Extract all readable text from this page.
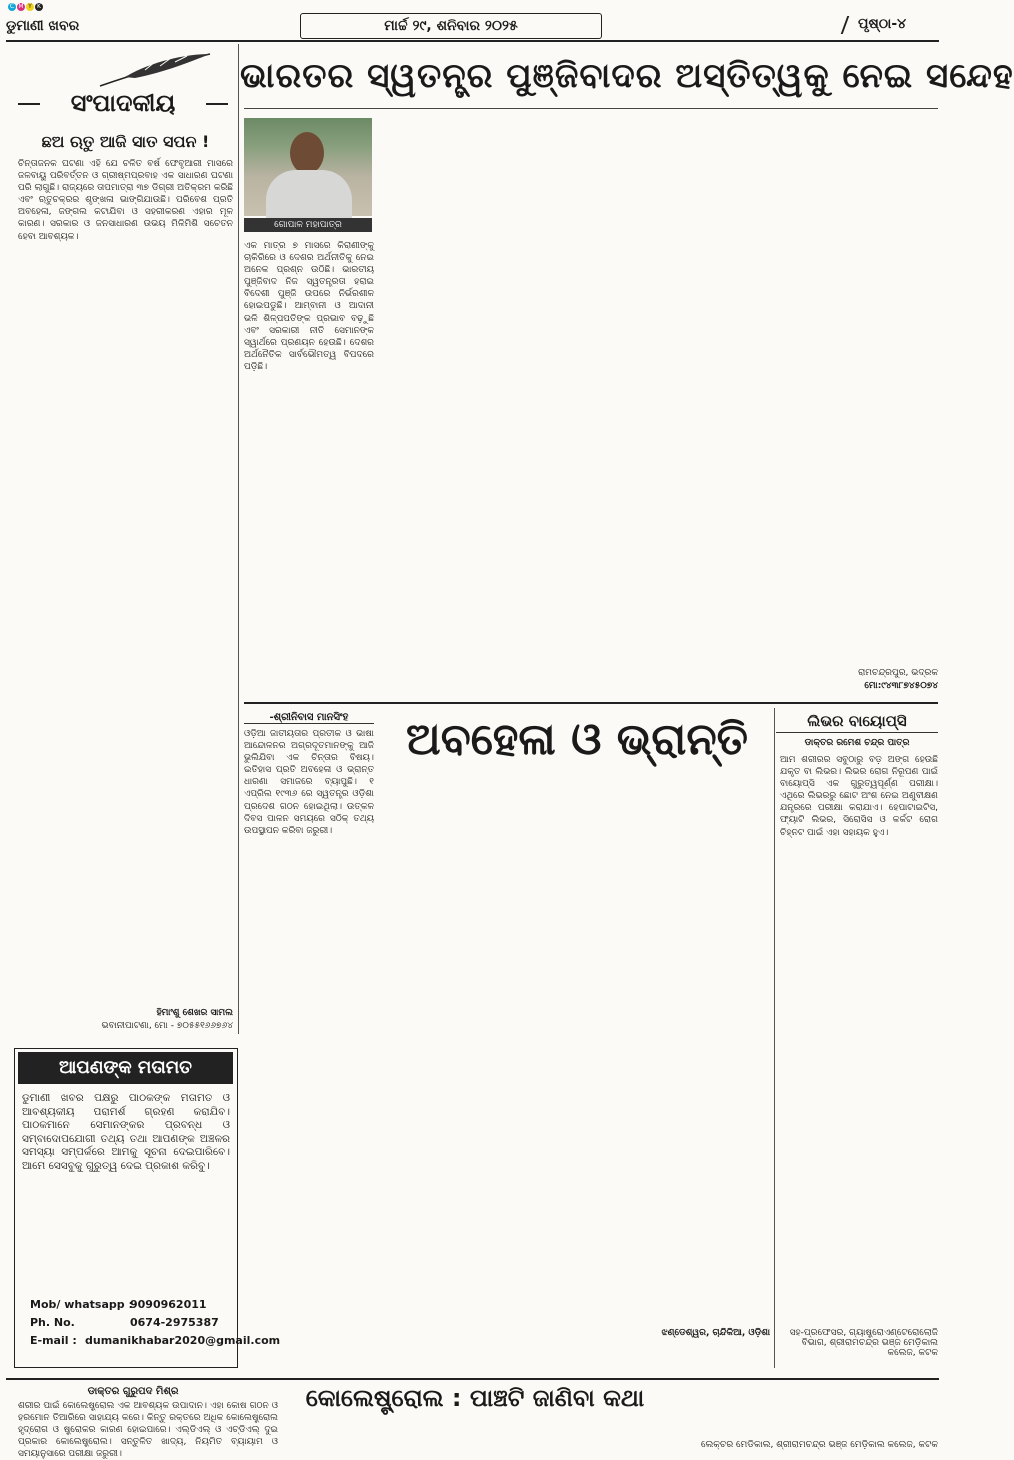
C M Y K
ଡୁମାଣୀ ଖବର	ମାର୍ଚ୍ଚ ୨୯, ଶନିବାର ୨୦୨୫	ପୃଷ୍ଠା-୪
ସଂପାଦକୀୟ
ଛଅ ଋତୁ ଆଜି ସାତ ସପନ !
ଚିନ୍ତାଜନକ ଘଟଣା ଏହି ଯେ ଚଳିତ ବର୍ଷ ଫେବୃଆରୀ ମାସରେ ଜଳବାୟୁ ପରିବର୍ତ୍ତନ ଓ ଗ୍ରୀଷ୍ମପ୍ରବାହ ଏକ ସାଧାରଣ ଘଟଣା ପରି ଲାଗୁଛି। ରାଜ୍ୟରେ ତାପମାତ୍ରା ୩୭ ଡିଗ୍ରୀ ଅତିକ୍ରମ କରିଛି ଏବଂ ଋତୁଚକ୍ରର ଶୃଙ୍ଖଳା ଭାଙ୍ଗିଯାଉଛି। ପରିବେଶ ପ୍ରତି ଅବହେଳା, ଜଙ୍ଗଲ କଟାଯିବା ଓ ସହରୀକରଣ ଏହାର ମୂଳ କାରଣ। ସରକାର ଓ ଜନସାଧାରଣ ଉଭୟ ମିଳିମିଶି ସଚେତନ ହେବା ଆବଶ୍ୟକ।
ହିମାଂଶୁ ଶେଖର ସାମଲ
ଭବାନୀପାଟଣା, ମୋ - ୭୦୫୫୧୬୬୭୬୪
ଭାରତର ସ୍ୱତନ୍ତ୍ର ପୁଞ୍ଜିବାଦର ଅସ୍ତିତ୍ୱକୁ ନେଇ ସନ୍ଦେହ
ଗୋପାଳ ମହାପାତ୍ର
ଏକ ମାତ୍ର ୭ ମାସରେ କିରାଣୀଙ୍କୁ ଚାକିରିରେ ଓ ଦେଶର ଅର୍ଥନୀତିକୁ ନେଇ ଅନେକ ପ୍ରଶ୍ନ ଉଠିଛି। ଭାରତୀୟ ପୁଞ୍ଜିବାଦ ନିଜ ସ୍ୱତନ୍ତ୍ରତା ହରାଇ ବିଦେଶୀ ପୁଞ୍ଜି ଉପରେ ନିର୍ଭରଶୀଳ ହୋଇପଡୁଛି। ଆମ୍ବାନୀ ଓ ଆଦାନୀ ଭଳି ଶିଳ୍ପପତିଙ୍କ ପ୍ରଭାବ ବଢ଼ୁଛି ଏବଂ ସରକାରୀ ନୀତି ସେମାନଙ୍କ ସ୍ୱାର୍ଥରେ ପ୍ରଣୟନ ହେଉଛି। ଦେଶର ଅର୍ଥନୈତିକ ସାର୍ବଭୌମତ୍ୱ ବିପଦରେ ପଡ଼ିଛି।
ରାମଚନ୍ଦ୍ରପୁର, ଭଦ୍ରକ
ମୋ:୯୪୩୮୭୪୫୦୭୪
-ଶ୍ରୀନିବାସ ମାନସିଂହ	ଅବହେଳା ଓ ଭ୍ରାନ୍ତି
ଓଡ଼ିଆ ଜାତୀୟତାର ପ୍ରତୀକ ଓ ଭାଷା ଆନ୍ଦୋଳନର ଅଗ୍ରଦୂତମାନଙ୍କୁ ଆଜି ଭୁଲିଯିବା ଏକ ଚିନ୍ତାର ବିଷୟ। ଇତିହାସ ପ୍ରତି ଅବହେଳା ଓ ଭ୍ରାନ୍ତ ଧାରଣା ସମାଜରେ ବ୍ୟାପୁଛି। ୧ ଏପ୍ରିଲ ୧୯୩୬ ରେ ସ୍ୱତନ୍ତ୍ର ଓଡ଼ିଶା ପ୍ରଦେଶ ଗଠନ ହୋଇଥିଲା। ଉତ୍କଳ ଦିବସ ପାଳନ ସମୟରେ ସଠିକ୍ ତଥ୍ୟ ଉପସ୍ଥାପନ କରିବା ଜରୁରୀ।
ଝଣ୍ଡେଶ୍ୱର, ଚାନ୍ଦିକିଆ, ଓଡ଼ିଶା
ଲିଭର ବାୟୋପ୍ସି
ଡାକ୍ତର ରମେଶ ଚନ୍ଦ୍ର ପାତ୍ର
ଆମ ଶରୀରର ସବୁଠାରୁ ବଡ଼ ଅଙ୍ଗ ହେଉଛି ଯକୃତ ବା ଲିଭର। ଲିଭର ରୋଗ ନିରୂପଣ ପାଇଁ ବାୟୋପ୍ସି ଏକ ଗୁରୁତ୍ୱପୂର୍ଣ୍ଣ ପରୀକ୍ଷା। ଏଥିରେ ଲିଭରରୁ ଛୋଟ ଅଂଶ ନେଇ ଅଣୁବୀକ୍ଷଣ ଯନ୍ତ୍ରରେ ପରୀକ୍ଷା କରାଯାଏ। ହେପାଟାଇଟିସ, ଫ୍ୟାଟି ଲିଭର, ସିରୋସିସ ଓ କର୍କଟ ରୋଗ ଚିହ୍ନଟ ପାଇଁ ଏହା ସହାୟକ ହୁଏ।
ସହ-ପ୍ରଫେସର, ଗ୍ୟାଷ୍ଟ୍ରୋଏଣ୍ଟେରୋଲୋଜି ବିଭାଗ, ଶ୍ରୀରାମଚନ୍ଦ୍ର ଭଞ୍ଜ ମେଡ଼ିକାଲ କଲେଜ, କଟକ
ଆପଣଙ୍କ ମତାମତ
ଡୁମାଣୀ ଖବର ପକ୍ଷରୁ ପାଠକଙ୍କ ମତାମତ ଓ ଆବଶ୍ୟକୀୟ ପରାମର୍ଶ ଗ୍ରହଣ କରାଯିବ। ପାଠକମାନେ ସେମାନଙ୍କର ପ୍ରବନ୍ଧ ଓ ସମ୍ବାଦୋପଯୋଗୀ ତଥ୍ୟ ତଥା ଆପଣଙ୍କ ଅଞ୍ଚଳର ସମସ୍ୟା ସମ୍ପର୍କରେ ଆମକୁ ସୂଚନା ଦେଇପାରିବେ। ଆମେ ସେସବୁକୁ ଗୁରୁତ୍ୱ ଦେଇ ପ୍ରକାଶ କରିବୁ।
Mob/ whatsapp :
9090962011
Ph. No.	0674-2975387
E-mail : dumanikhabar2020@gmail.com
ଡାକ୍ତର ଗୁରୁପଦ ମିଶ୍ର	କୋଲେଷ୍ଟ୍ରୋଲ : ପାଞ୍ଚଟି ଜାଣିବା କଥା
ଶରୀର ପାଇଁ କୋଲେଷ୍ଟ୍ରୋଲ ଏକ ଆବଶ୍ୟକ ଉପାଦାନ। ଏହା କୋଷ ଗଠନ ଓ ହରମୋନ ତିଆରିରେ ସାହାଯ୍ୟ କରେ। କିନ୍ତୁ ରକ୍ତରେ ଅଧିକ କୋଲେଷ୍ଟ୍ରୋଲ ହୃଦ୍‌ରୋଗ ଓ ଷ୍ଟ୍ରୋକର କାରଣ ହୋଇପାରେ। ଏଲ୍‌ଡିଏଲ୍ ଓ ଏଚ୍‌ଡିଏଲ୍ ଦୁଇ ପ୍ରକାର କୋଲେଷ୍ଟ୍ରୋଲ। ସନ୍ତୁଳିତ ଖାଦ୍ୟ, ନିୟମିତ ବ୍ୟାୟାମ ଓ ସମୟାନୁସାରେ ପରୀକ୍ଷା ଜରୁରୀ।
ଲେକ୍ଚର ମେଡିକାଲ, ଶ୍ରୀରାମଚନ୍ଦ୍ର ଭଞ୍ଜ ମେଡ଼ିକାଲ କଲେଜ, କଟକ
